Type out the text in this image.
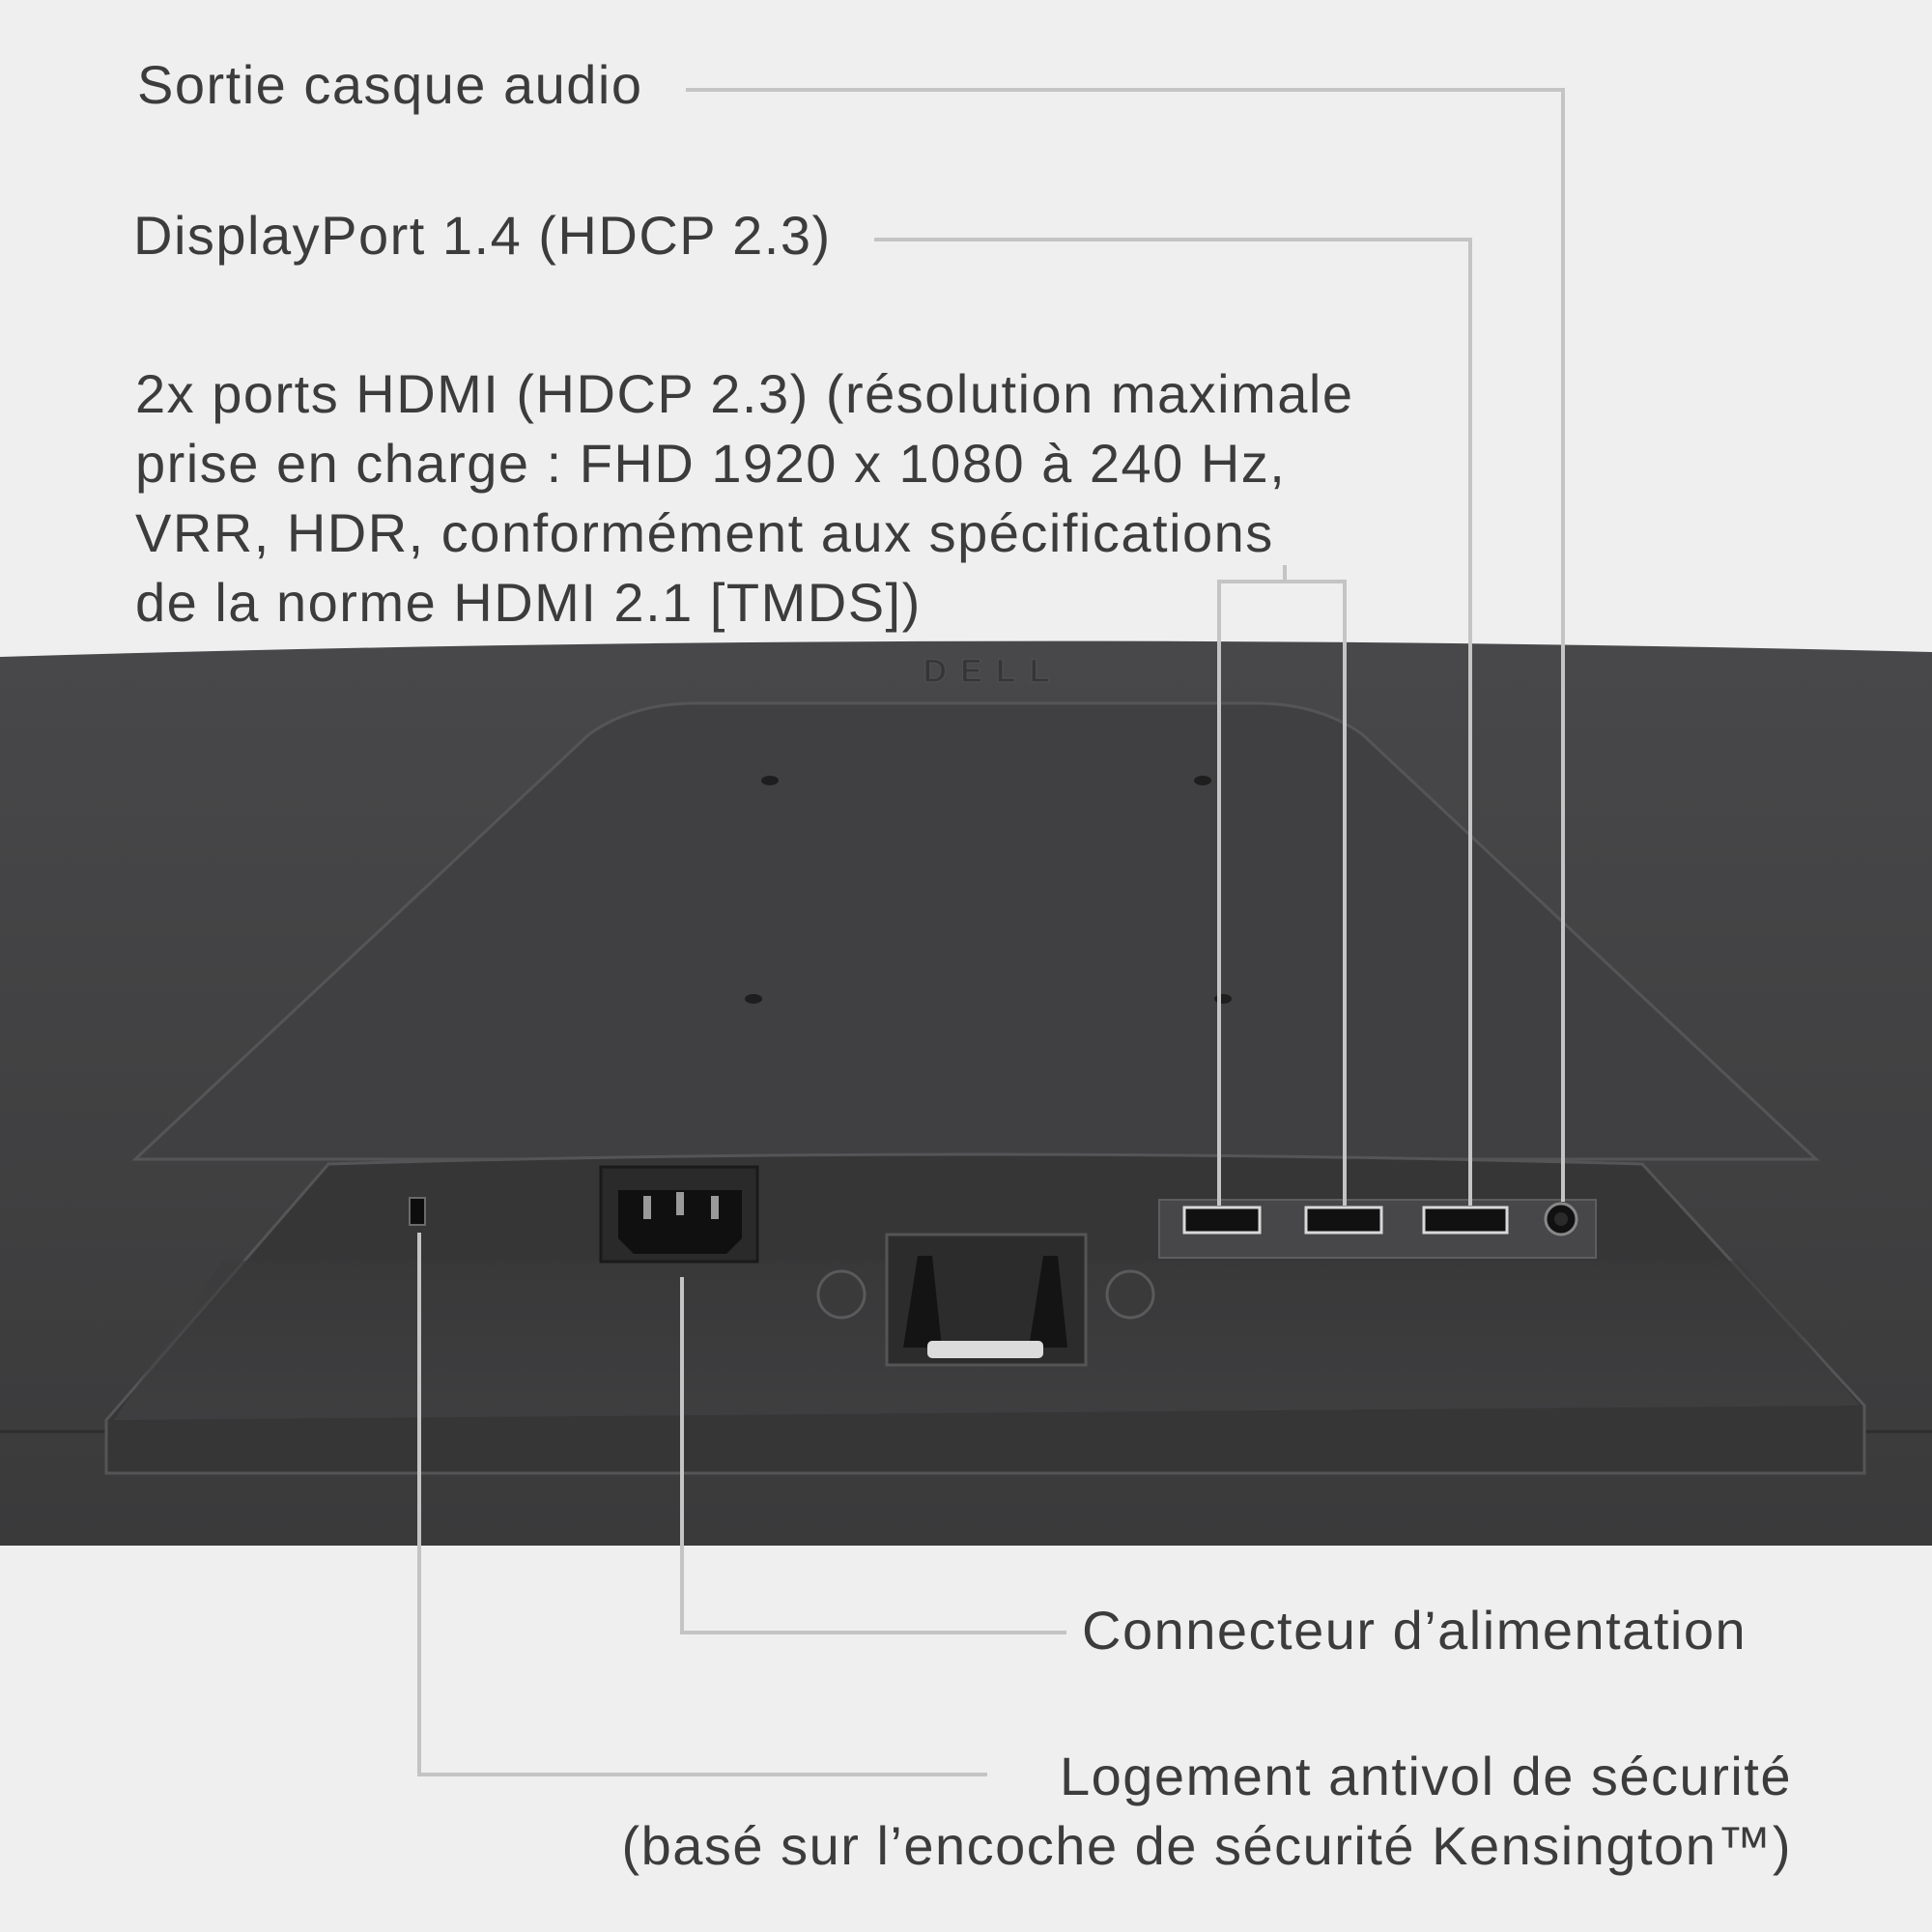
DELL
Sortie casque audio
DisplayPort 1.4 (HDCP 2.3)
2x ports HDMI (HDCP 2.3) (résolution maximale
prise en charge : FHD 1920 x 1080 à 240 Hz,
VRR, HDR, conformément aux spécifications
de la norme HDMI 2.1 [TMDS])
Connecteur d’alimentation
Logement antivol de sécurité
(basé sur l’encoche de sécurité Kensington™)
